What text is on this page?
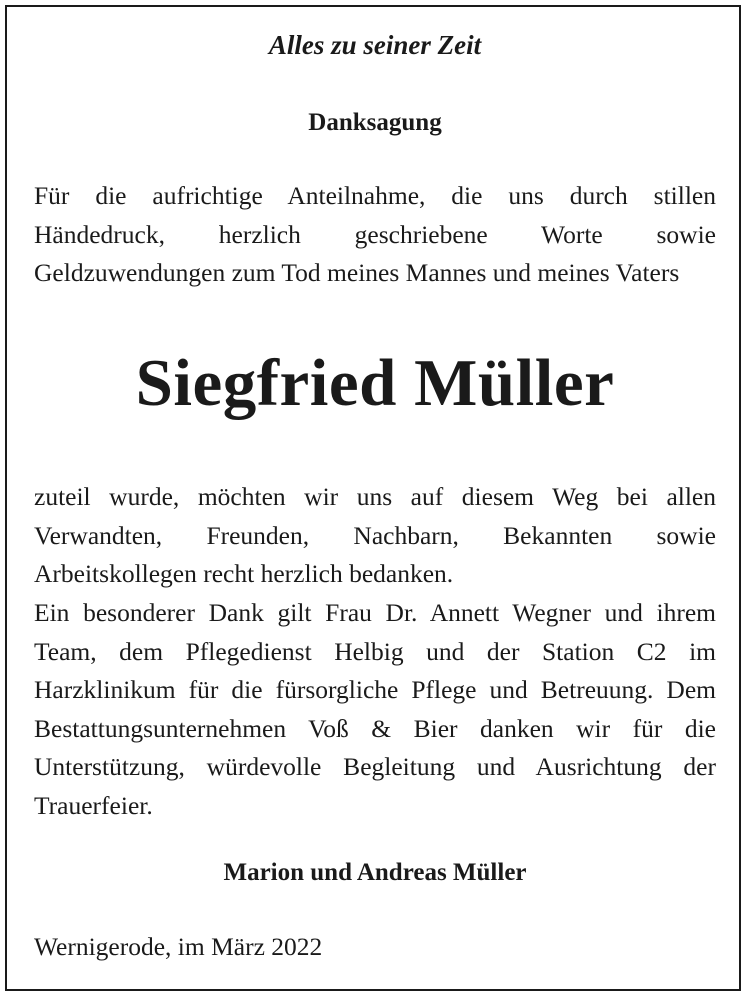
Alles zu seiner Zeit
Danksagung

Für die aufrichtige Anteilnahme, die uns durch stillen Händedruck, herzlich geschriebene Worte sowie Geldzuwendungen zum Tod meines Mannes und meines Vaters

Siegfried Müller

zuteil wurde, möchten wir uns auf diesem Weg bei allen Verwandten, Freunden, Nachbarn, Bekannten sowie Arbeitskollegen recht herzlich bedanken.

Ein besonderer Dank gilt Frau Dr. Annett Wegner und ihrem Team, dem Pflegedienst Helbig und der Station C2 im Harzklinikum für die fürsorgliche Pflege und Betreuung. Dem Bestattungsunternehmen Voß & Bier danken wir für die Unterstützung, würdevolle Begleitung und Ausrichtung der Trauerfeier.

Marion und Andreas Müller
Wernigerode, im März 2022
